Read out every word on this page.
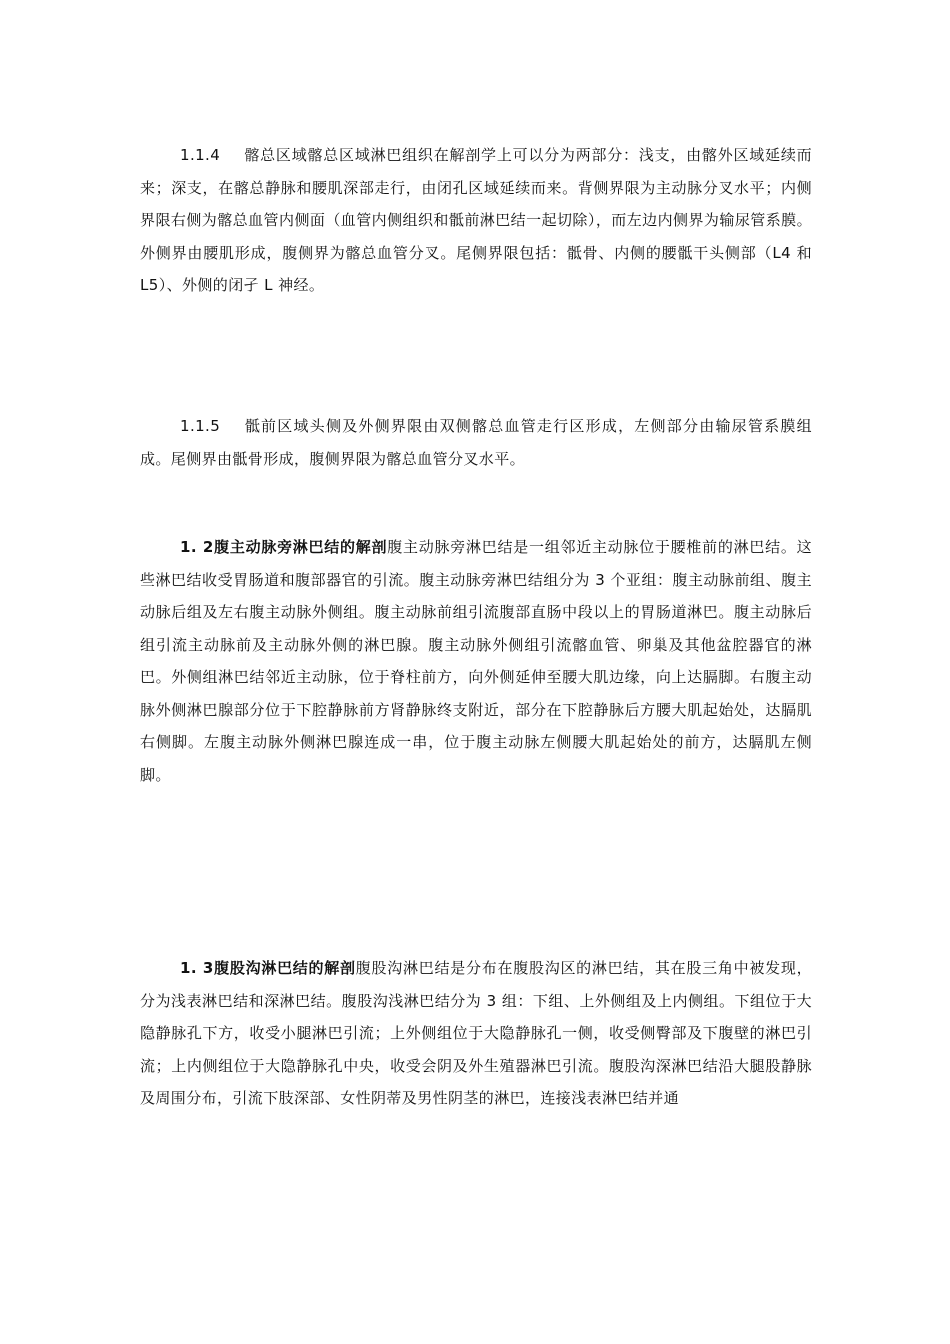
1.1.4 髂总区域髂总区域淋巴组织在解剖学上可以分为两部分：浅支，由髂外区域延续而来；深支，在髂总静脉和腰肌深部走行，由闭孔区域延续而来。背侧界限为主动脉分叉水平；内侧界限右侧为髂总血管内侧面（血管内侧组织和骶前淋巴结一起切除），而左边内侧界为输尿管系膜。外侧界由腰肌形成，腹侧界为髂总血管分叉。尾侧界限包括：骶骨、内侧的腰骶干头侧部（L4 和 L5）、外侧的闭孑 L 神经。

1.1.5 骶前区域头侧及外侧界限由双侧髂总血管走行区形成，左侧部分由输尿管系膜组成。尾侧界由骶骨形成，腹侧界限为髂总血管分叉水平。

1. 2腹主动脉旁淋巴结的解剖腹主动脉旁淋巴结是一组邻近主动脉位于腰椎前的淋巴结。这些淋巴结收受胃肠道和腹部器官的引流。腹主动脉旁淋巴结组分为 3 个亚组：腹主动脉前组、腹主动脉后组及左右腹主动脉外侧组。腹主动脉前组引流腹部直肠中段以上的胃肠道淋巴。腹主动脉后组引流主动脉前及主动脉外侧的淋巴腺。腹主动脉外侧组引流髂血管、卵巢及其他盆腔器官的淋巴。外侧组淋巴结邻近主动脉，位于脊柱前方，向外侧延伸至腰大肌边缘，向上达膈脚。右腹主动脉外侧淋巴腺部分位于下腔静脉前方肾静脉终支附近，部分在下腔静脉后方腰大肌起始处，达膈肌右侧脚。左腹主动脉外侧淋巴腺连成一串，位于腹主动脉左侧腰大肌起始处的前方，达膈肌左侧脚。

1. 3腹股沟淋巴结的解剖腹股沟淋巴结是分布在腹股沟区的淋巴结，其在股三角中被发现，分为浅表淋巴结和深淋巴结。腹股沟浅淋巴结分为 3 组：下组、上外侧组及上内侧组。下组位于大隐静脉孔下方，收受小腿淋巴引流；上外侧组位于大隐静脉孔一侧，收受侧臀部及下腹壁的淋巴引流；上内侧组位于大隐静脉孔中央，收受会阴及外生殖器淋巴引流。腹股沟深淋巴结沿大腿股静脉及周围分布，引流下肢深部、女性阴蒂及男性阴茎的淋巴，连接浅表淋巴结并通
